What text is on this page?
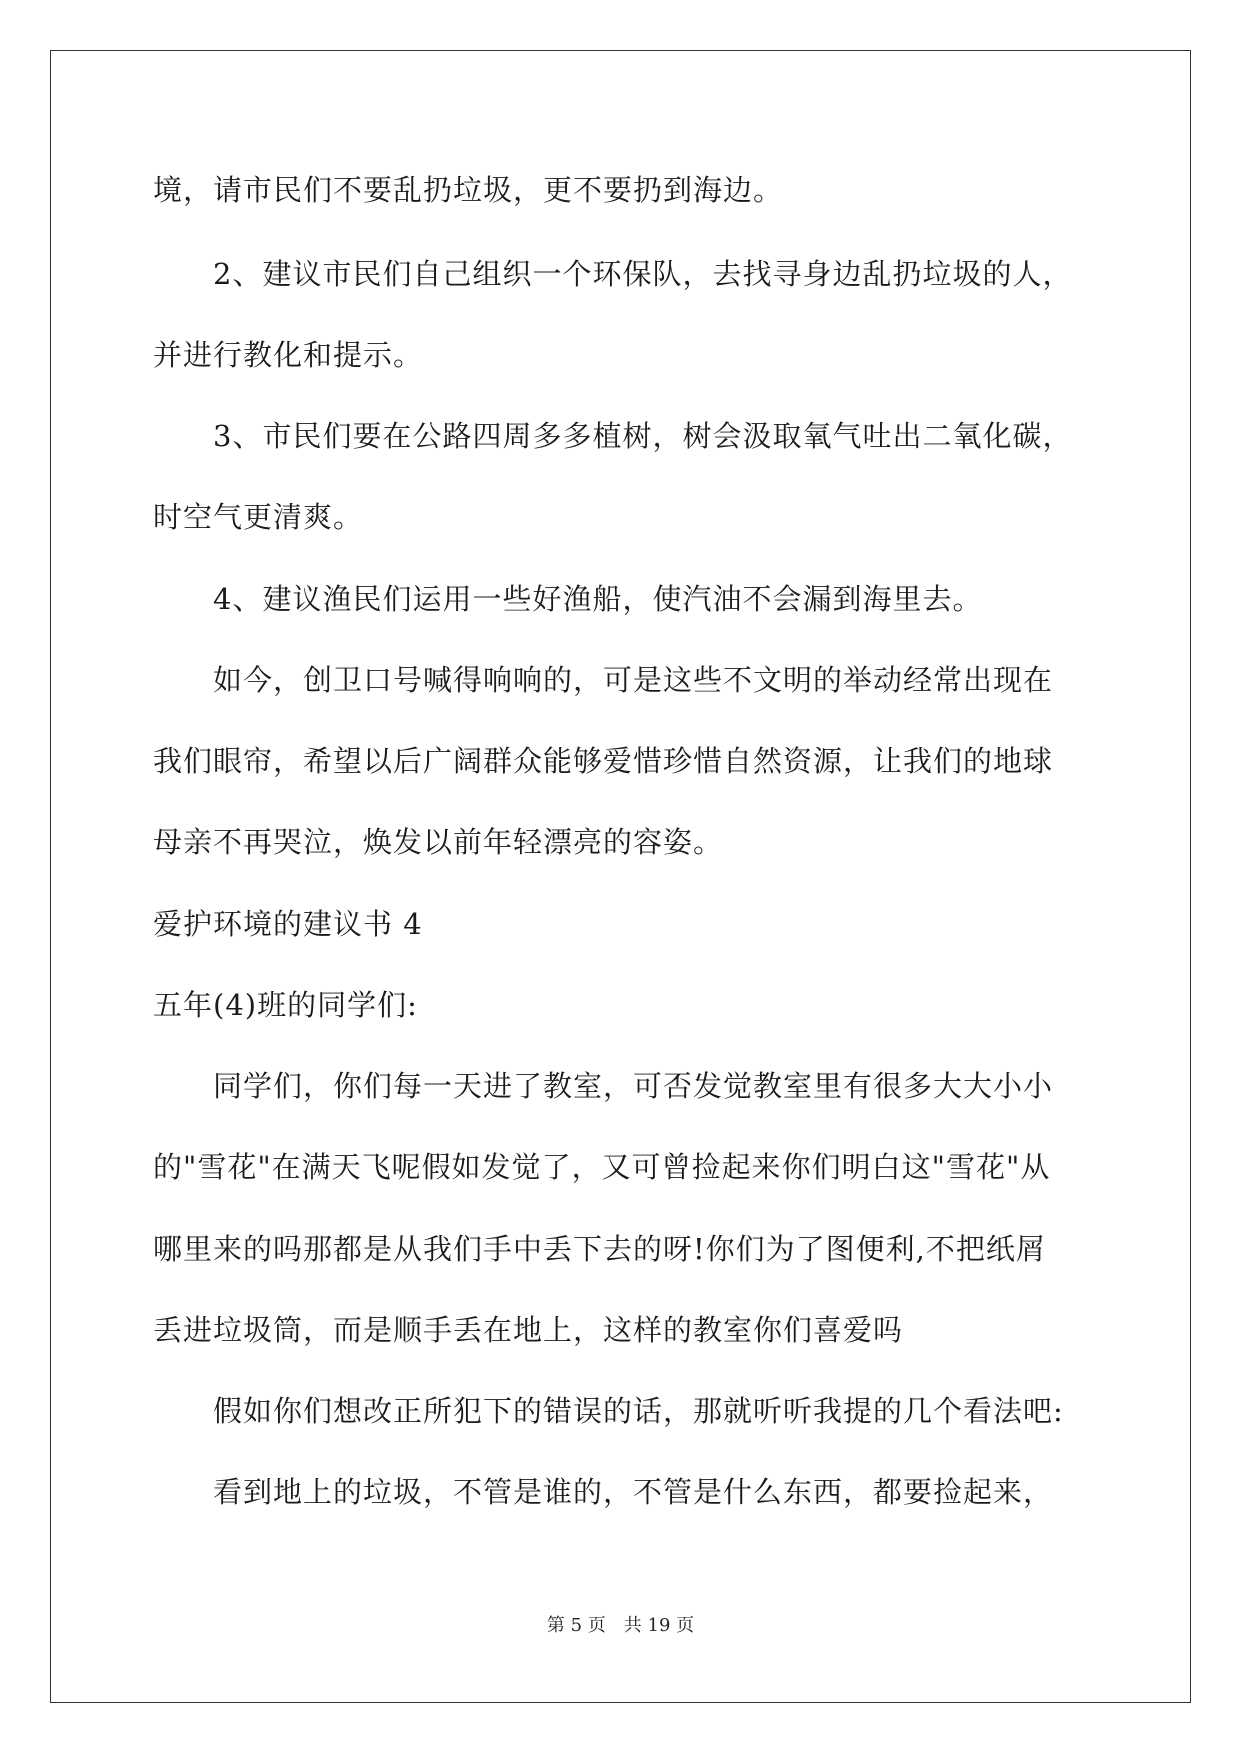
境，请市民们不要乱扔垃圾，更不要扔到海边。
2、建议市民们自己组织一个环保队，去找寻身边乱扔垃圾的人，
并进行教化和提示。
3、市民们要在公路四周多多植树，树会汲取氧气吐出二氧化碳，
时空气更清爽。
4、建议渔民们运用一些好渔船，使汽油不会漏到海里去。
如今，创卫口号喊得响响的，可是这些不文明的举动经常出现在
我们眼帘，希望以后广阔群众能够爱惜珍惜自然资源，让我们的地球
母亲不再哭泣，焕发以前年轻漂亮的容姿。
爱护环境的建议书 4
五年(4)班的同学们:
同学们，你们每一天进了教室，可否发觉教室里有很多大大小小
的"雪花"在满天飞呢假如发觉了，又可曾捡起来你们明白这"雪花"从
哪里来的吗那都是从我们手中丢下去的呀!你们为了图便利,不把纸屑
丢进垃圾筒，而是顺手丢在地上，这样的教室你们喜爱吗
假如你们想改正所犯下的错误的话，那就听听我提的几个看法吧:
看到地上的垃圾，不管是谁的，不管是什么东西，都要捡起来，
第 5 页　共 19 页
